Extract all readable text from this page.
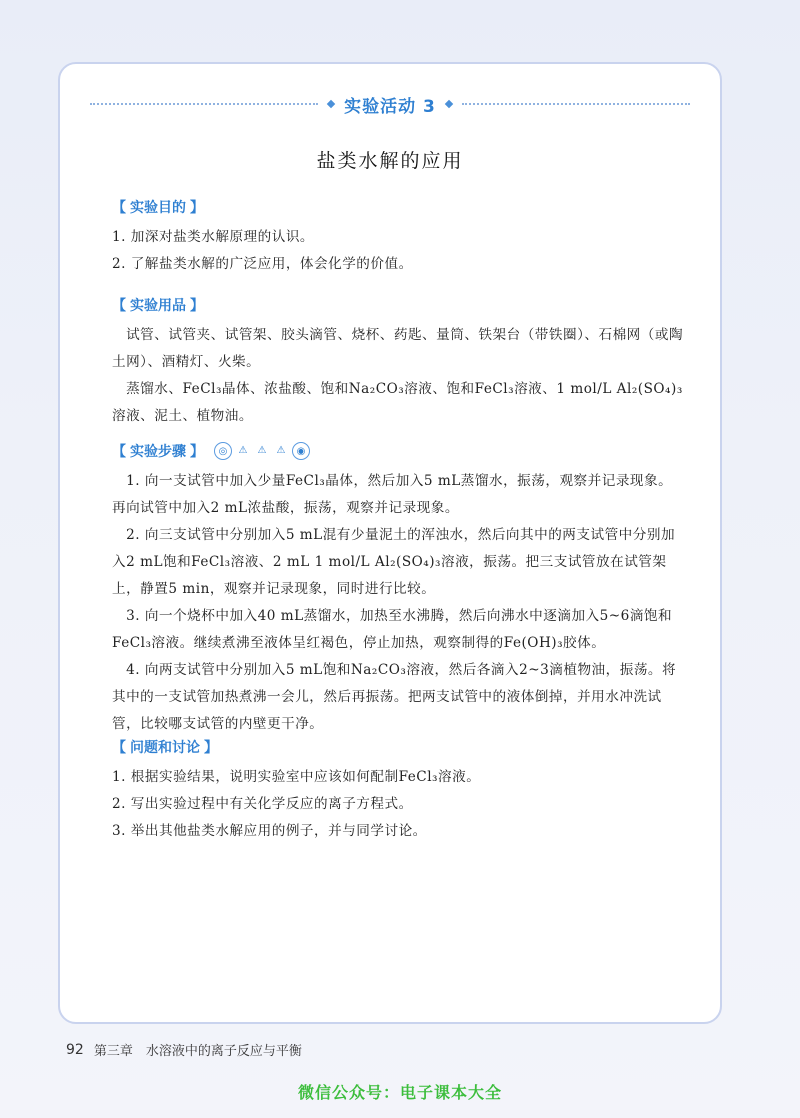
实验活动 3
盐类水解的应用
【 实验目的 】

1. 加深对盐类水解原理的认识。

2. 了解盐类水解的广泛应用，体会化学的价值。

【 实验用品 】

　试管、试管夹、试管架、胶头滴管、烧杯、药匙、量筒、铁架台（带铁圈）、石棉网（或陶土网）、酒精灯、火柴。

　蒸馏水、FeCl₃晶体、浓盐酸、饱和Na₂CO₃溶液、饱和FeCl₃溶液、1 mol/L Al₂(SO₄)₃溶液、泥土、植物油。

【 实验步骤 】	◎	⚠	⚠	⚠	◉

　1. 向一支试管中加入少量FeCl₃晶体，然后加入5 mL蒸馏水，振荡，观察并记录现象。再向试管中加入2 mL浓盐酸，振荡，观察并记录现象。

　2. 向三支试管中分别加入5 mL混有少量泥土的浑浊水，然后向其中的两支试管中分别加入2 mL饱和FeCl₃溶液、2 mL 1 mol/L Al₂(SO₄)₃溶液，振荡。把三支试管放在试管架上，静置5 min，观察并记录现象，同时进行比较。

　3. 向一个烧杯中加入40 mL蒸馏水，加热至水沸腾，然后向沸水中逐滴加入5~6滴饱和FeCl₃溶液。继续煮沸至液体呈红褐色，停止加热，观察制得的Fe(OH)₃胶体。

　4. 向两支试管中分别加入5 mL饱和Na₂CO₃溶液，然后各滴入2~3滴植物油，振荡。将其中的一支试管加热煮沸一会儿，然后再振荡。把两支试管中的液体倒掉，并用水冲洗试管，比较哪支试管的内壁更干净。

【 问题和讨论 】

1. 根据实验结果，说明实验室中应该如何配制FeCl₃溶液。

2. 写出实验过程中有关化学反应的离子方程式。

3. 举出其他盐类水解应用的例子，并与同学讨论。

92 第三章　水溶液中的离子反应与平衡
微信公众号：电子课本大全
